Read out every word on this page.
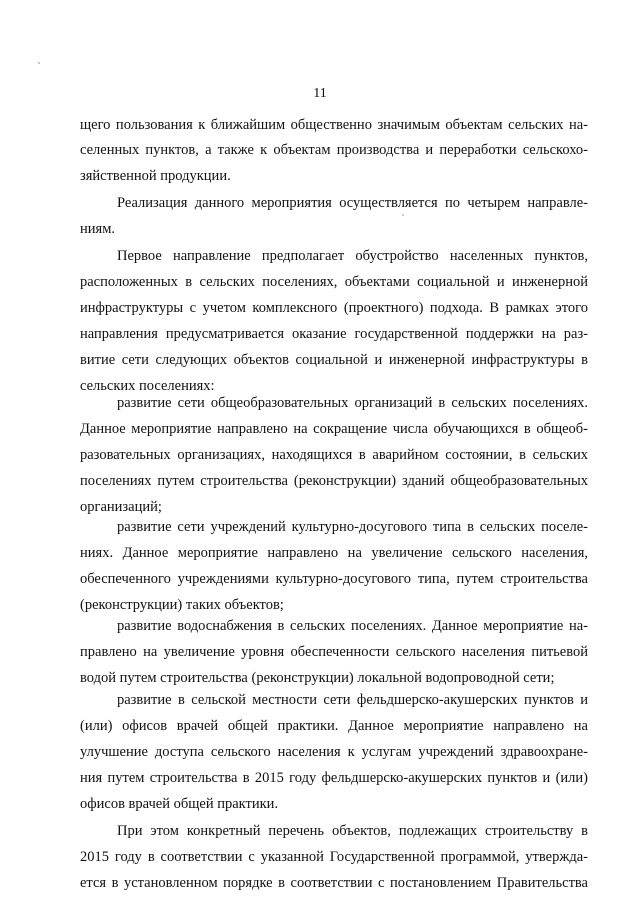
11
щего пользования к ближайшим общественно значимым объектам сельских на-
селенных пунктов, а также к объектам производства и переработки сельскохо-
зяйственной продукции.
Реализация данного мероприятия осуществляется по четырем направле-
ниям.
Первое направление предполагает обустройство населенных пунктов,
расположенных в сельских поселениях, объектами социальной и инженерной
инфраструктуры с учетом комплексного (проектного) подхода. В рамках этого
направления предусматривается оказание государственной поддержки на раз-
витие сети следующих объектов социальной и инженерной инфраструктуры в
сельских поселениях:
развитие сети общеобразовательных организаций в сельских поселениях.
Данное мероприятие направлено на сокращение числа обучающихся в общеоб-
разовательных организациях, находящихся в аварийном состоянии, в сельских
поселениях путем строительства (реконструкции) зданий общеобразовательных
организаций;
развитие сети учреждений культурно-досугового типа в сельских поселе-
ниях. Данное мероприятие направлено на увеличение сельского населения,
обеспеченного учреждениями культурно-досугового типа, путем строительства
(реконструкции) таких объектов;
развитие водоснабжения в сельских поселениях. Данное мероприятие на-
правлено на увеличение уровня обеспеченности сельского населения питьевой
водой путем строительства (реконструкции) локальной водопроводной сети;
развитие в сельской местности сети фельдшерско-акушерских пунктов и
(или) офисов врачей общей практики. Данное мероприятие направлено на
улучшение доступа сельского населения к услугам учреждений здравоохране-
ния путем строительства в 2015 году фельдшерско-акушерских пунктов и (или)
офисов врачей общей практики.
При этом конкретный перечень объектов, подлежащих строительству в
2015 году в соответствии с указанной Государственной программой, утвержда-
ется в установленном порядке в соответствии с постановлением Правительства
